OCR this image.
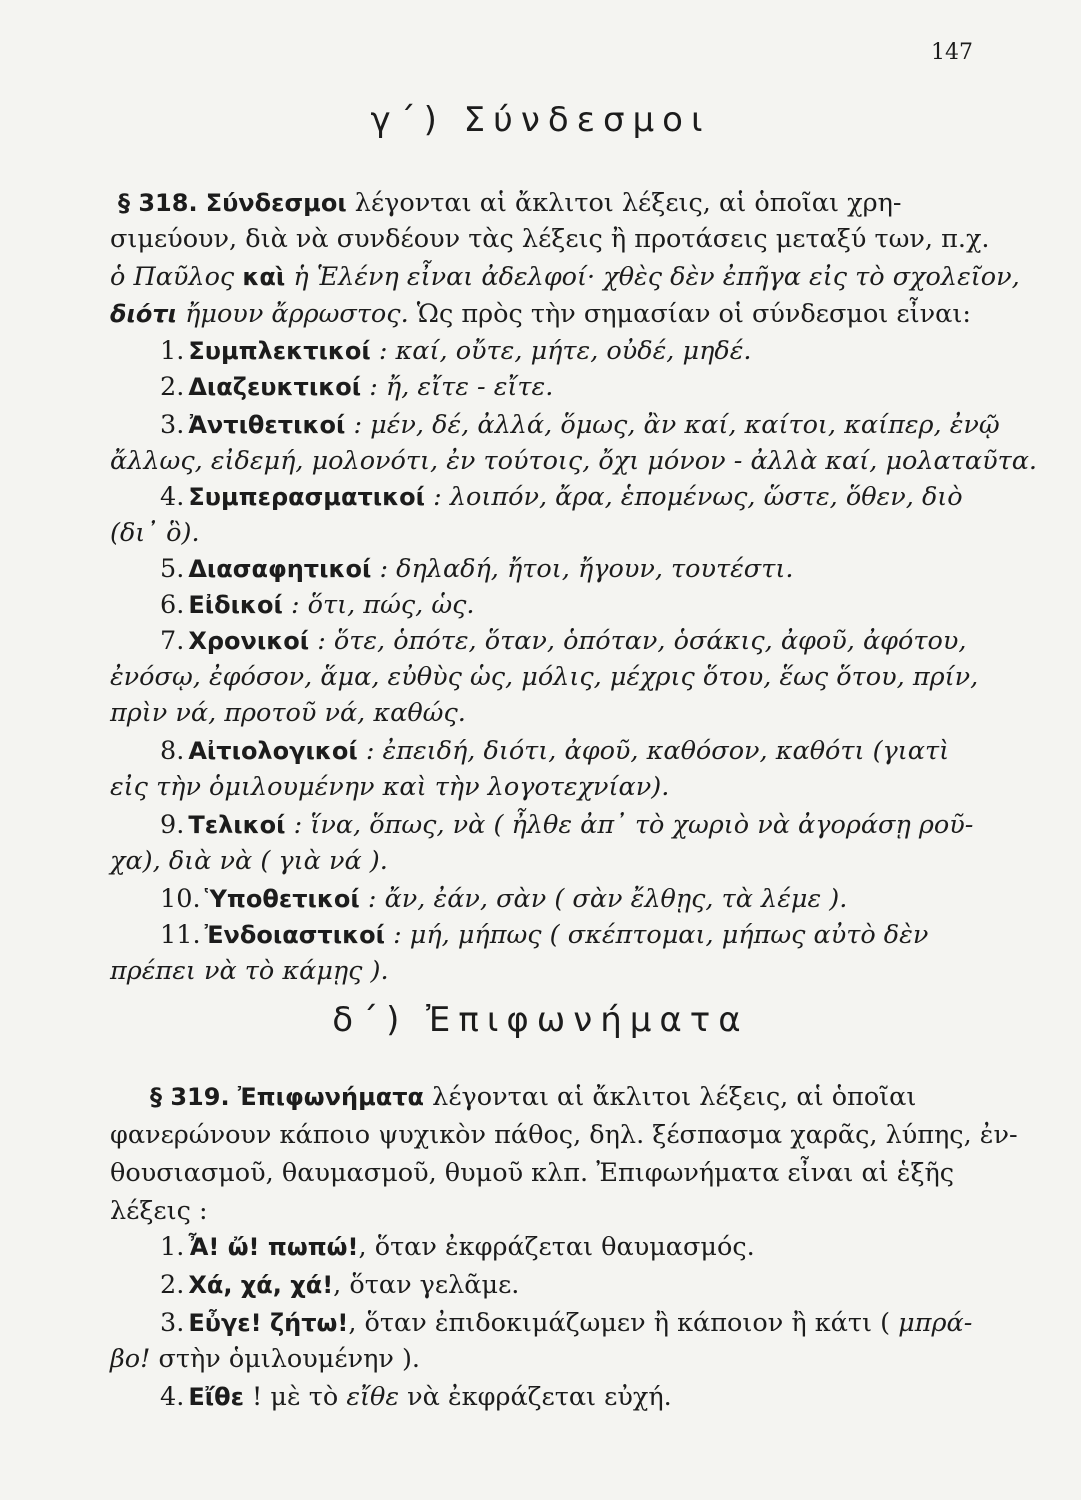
147
γ΄) Σύνδεσμοι
§ 318. Σύνδεσμοι λέγονται αἱ ἄκλιτοι λέξεις, αἱ ὁποῖαι χρη-
σιμεύουν, διὰ νὰ συνδέουν τὰς λέξεις ἢ προτάσεις μεταξύ των, π.χ.
ὁ Παῦλος καὶ ἡ Ἑλένη εἶναι ἀδελφοί· χθὲς δὲν ἐπῆγα εἰς τὸ σχολεῖον,
διότι ἤμουν ἄρρωστος. Ὡς πρὸς τὴν σημασίαν οἱ σύνδεσμοι εἶναι:
1. Συμπλεκτικοί : καί, οὔτε, μήτε, οὐδέ, μηδέ.
2. Διαζευκτικοί : ἤ, εἴτε - εἴτε.
3. Ἀντιθετικοί : μέν, δέ, ἀλλά, ὅμως, ἂν καί, καίτοι, καίπερ, ἐνῷ
ἄλλως, εἰδεμή, μολονότι, ἐν τούτοις, ὄχι μόνον - ἀλλὰ καί, μολαταῦτα.
4. Συμπερασματικοί : λοιπόν, ἄρα, ἑπομένως, ὥστε, ὅθεν, διὸ
(δι᾽ ὃ).
5. Διασαφητικοί : δηλαδή, ἤτοι, ἤγουν, τουτέστι.
6. Εἰδικοί : ὅτι, πώς, ὡς.
7. Χρονικοί : ὅτε, ὁπότε, ὅταν, ὁπόταν, ὁσάκις, ἀφοῦ, ἀφότου,
ἐνόσῳ, ἐφόσον, ἅμα, εὐθὺς ὡς, μόλις, μέχρις ὅτου, ἕως ὅτου, πρίν,
πρὶν νά, προτοῦ νά, καθώς.
8. Αἰτιολογικοί : ἐπειδή, διότι, ἀφοῦ, καθόσον, καθότι (γιατὶ
εἰς τὴν ὁμιλουμένην καὶ τὴν λογοτεχνίαν).
9. Τελικοί : ἵνα, ὅπως, νὰ ( ἦλθε ἀπ᾽ τὸ χωριὸ νὰ ἀγοράσῃ ροῦ-
χα), διὰ νὰ ( γιὰ νά ).
10. Ὑποθετικοί : ἄν, ἐάν, σὰν ( σὰν ἔλθῃς, τὰ λέμε ).
11. Ἐνδοιαστικοί : μή, μήπως ( σκέπτομαι, μήπως αὐτὸ δὲν
πρέπει νὰ τὸ κάμῃς ).
δ΄) Ἐπιφωνήματα
§ 319. Ἐπιφωνήματα λέγονται αἱ ἄκλιτοι λέξεις, αἱ ὁποῖαι
φανερώνουν κάποιο ψυχικὸν πάθος, δηλ. ξέσπασμα χαρᾶς, λύπης, ἐν-
θουσιασμοῦ, θαυμασμοῦ, θυμοῦ κλπ. Ἐπιφωνήματα εἶναι αἱ ἑξῆς
λέξεις :
1. Ἆ! ὤ! πωπώ!, ὅταν ἐκφράζεται θαυμασμός.
2. Χά, χά, χά!, ὅταν γελᾶμε.
3. Εὖγε! ζήτω!, ὅταν ἐπιδοκιμάζωμεν ἢ κάποιον ἢ κάτι ( μπρά-
βο! στὴν ὁμιλουμένην ).
4. Εἴθε ! μὲ τὸ εἴθε νὰ ἐκφράζεται εὐχή.
